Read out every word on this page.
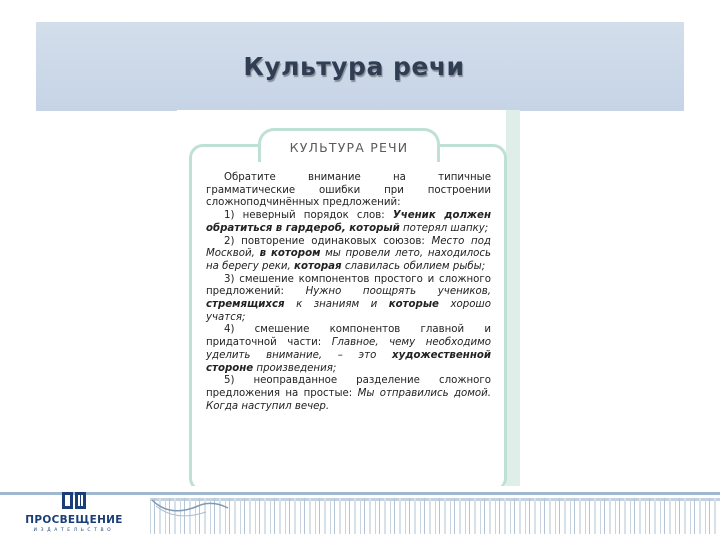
Культура речи
КУЛЬТУРА РЕЧИ

Обратите внимание на типичные грамматические ошибки при построении сложноподчинённых предложений:

1) неверный порядок слов: Ученик должен обратиться в гардероб, который потерял шапку;

2) повторение одинаковых союзов: Место под Москвой, в котором мы провели лето, находилось на берегу реки, которая славилась обилием рыбы;

3) смешение компонентов простого и сложного предложений: Нужно поощрять учеников, стремящихся к знаниям и которые хорошо учатся;

4) смешение компонентов главной и придаточной части: Главное, чему необходимо уделить внимание, – это художественной стороне произведения;

5) неоправданное разделение сложного предложения на простые: Мы отправились домой. Когда наступил вечер.

ПРОСВЕЩЕНИЕ
ИЗДАТЕЛЬСТВО
